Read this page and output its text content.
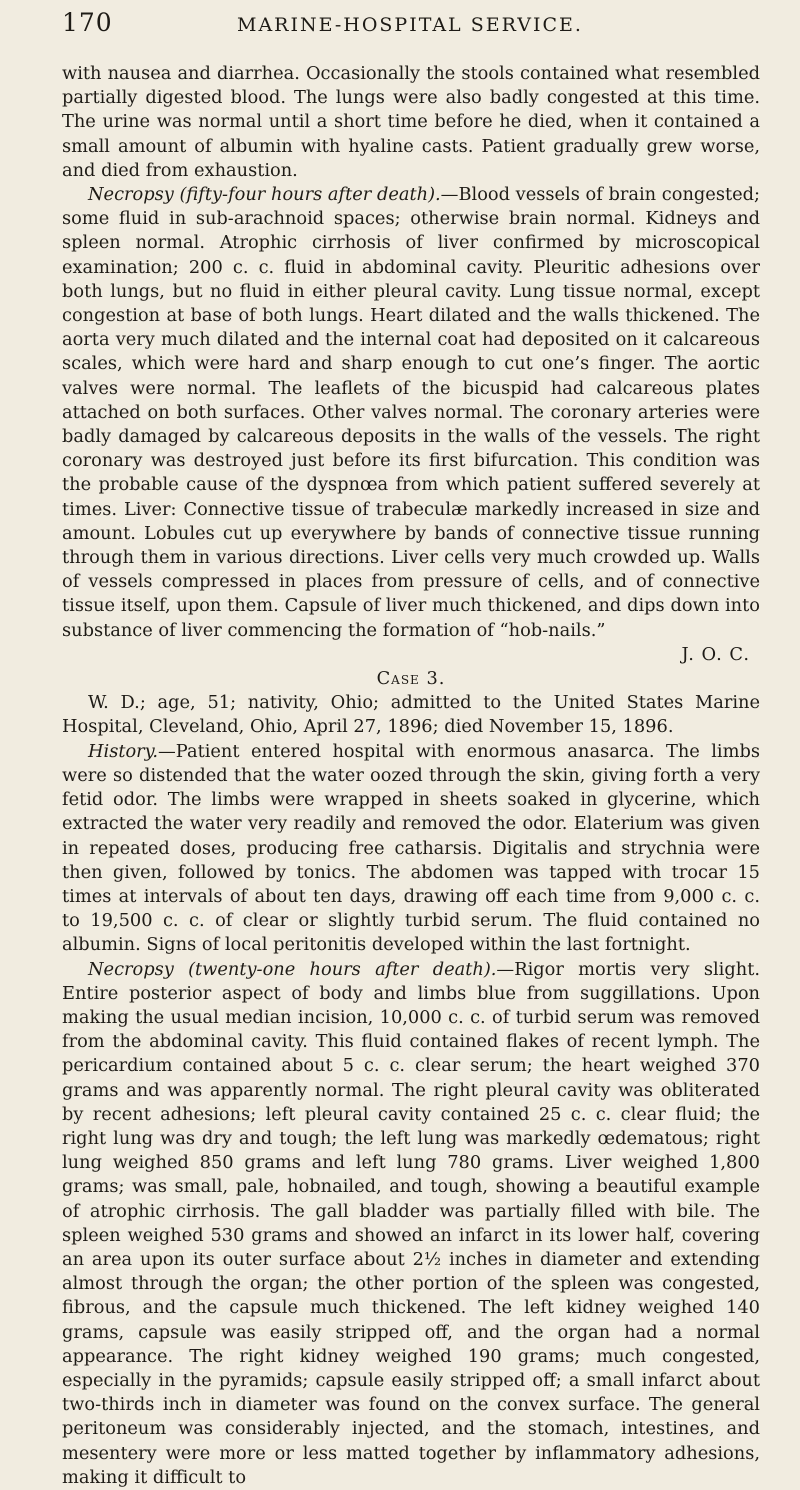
170	MARINE-HOSPITAL SERVICE.

with nausea and diarrhea. Occasionally the stools contained what resembled partially digested blood. The lungs were also badly congested at this time. The urine was normal until a short time before he died, when it contained a small amount of albumin with hyaline casts. Patient gradually grew worse, and died from exhaustion.

Necropsy (fifty-four hours after death).—Blood vessels of brain congested; some fluid in sub-arachnoid spaces; otherwise brain normal. Kidneys and spleen normal. Atrophic cirrhosis of liver confirmed by microscopical examination; 200 c. c. fluid in abdominal cavity. Pleuritic adhesions over both lungs, but no fluid in either pleural cavity. Lung tissue normal, except congestion at base of both lungs. Heart dilated and the walls thickened. The aorta very much dilated and the internal coat had deposited on it calcareous scales, which were hard and sharp enough to cut one’s finger. The aortic valves were normal. The leaflets of the bicuspid had calcareous plates attached on both surfaces. Other valves normal. The coronary arteries were badly damaged by calcareous deposits in the walls of the vessels. The right coronary was destroyed just before its first bifurcation. This condition was the probable cause of the dyspnœa from which patient suffered severely at times. Liver: Connective tissue of trabeculæ markedly increased in size and amount. Lobules cut up everywhere by bands of connective tissue running through them in various directions. Liver cells very much crowded up. Walls of vessels compressed in places from pressure of cells, and of connective tissue itself, upon them. Capsule of liver much thickened, and dips down into substance of liver commencing the formation of “hob-nails.”

J. O. C.

Case 3.

W. D.; age, 51; nativity, Ohio; admitted to the United States Marine Hospital, Cleveland, Ohio, April 27, 1896; died November 15, 1896.

History.—Patient entered hospital with enormous anasarca. The limbs were so distended that the water oozed through the skin, giving forth a very fetid odor. The limbs were wrapped in sheets soaked in glycerine, which extracted the water very readily and removed the odor. Elaterium was given in repeated doses, producing free catharsis. Digitalis and strychnia were then given, followed by tonics. The abdomen was tapped with trocar 15 times at intervals of about ten days, drawing off each time from 9,000 c. c. to 19,500 c. c. of clear or slightly turbid serum. The fluid contained no albumin. Signs of local peritonitis developed within the last fortnight.

Necropsy (twenty-one hours after death).—Rigor mortis very slight. Entire posterior aspect of body and limbs blue from suggillations. Upon making the usual median incision, 10,000 c. c. of turbid serum was removed from the abdominal cavity. This fluid contained flakes of recent lymph. The pericardium contained about 5 c. c. clear serum; the heart weighed 370 grams and was apparently normal. The right pleural cavity was obliterated by recent adhesions; left pleural cavity contained 25 c. c. clear fluid; the right lung was dry and tough; the left lung was markedly œdematous; right lung weighed 850 grams and left lung 780 grams. Liver weighed 1,800 grams; was small, pale, hobnailed, and tough, showing a beautiful example of atrophic cirrhosis. The gall bladder was partially filled with bile. The spleen weighed 530 grams and showed an infarct in its lower half, covering an area upon its outer surface about 2½ inches in diameter and extending almost through the organ; the other portion of the spleen was congested, fibrous, and the capsule much thickened. The left kidney weighed 140 grams, capsule was easily stripped off, and the organ had a normal appearance. The right kidney weighed 190 grams; much congested, especially in the pyramids; capsule easily stripped off; a small infarct about two-thirds inch in diameter was found on the convex surface. The general peritoneum was considerably injected, and the stomach, intestines, and mesentery were more or less matted together by inflammatory adhesions, making it difficult to
